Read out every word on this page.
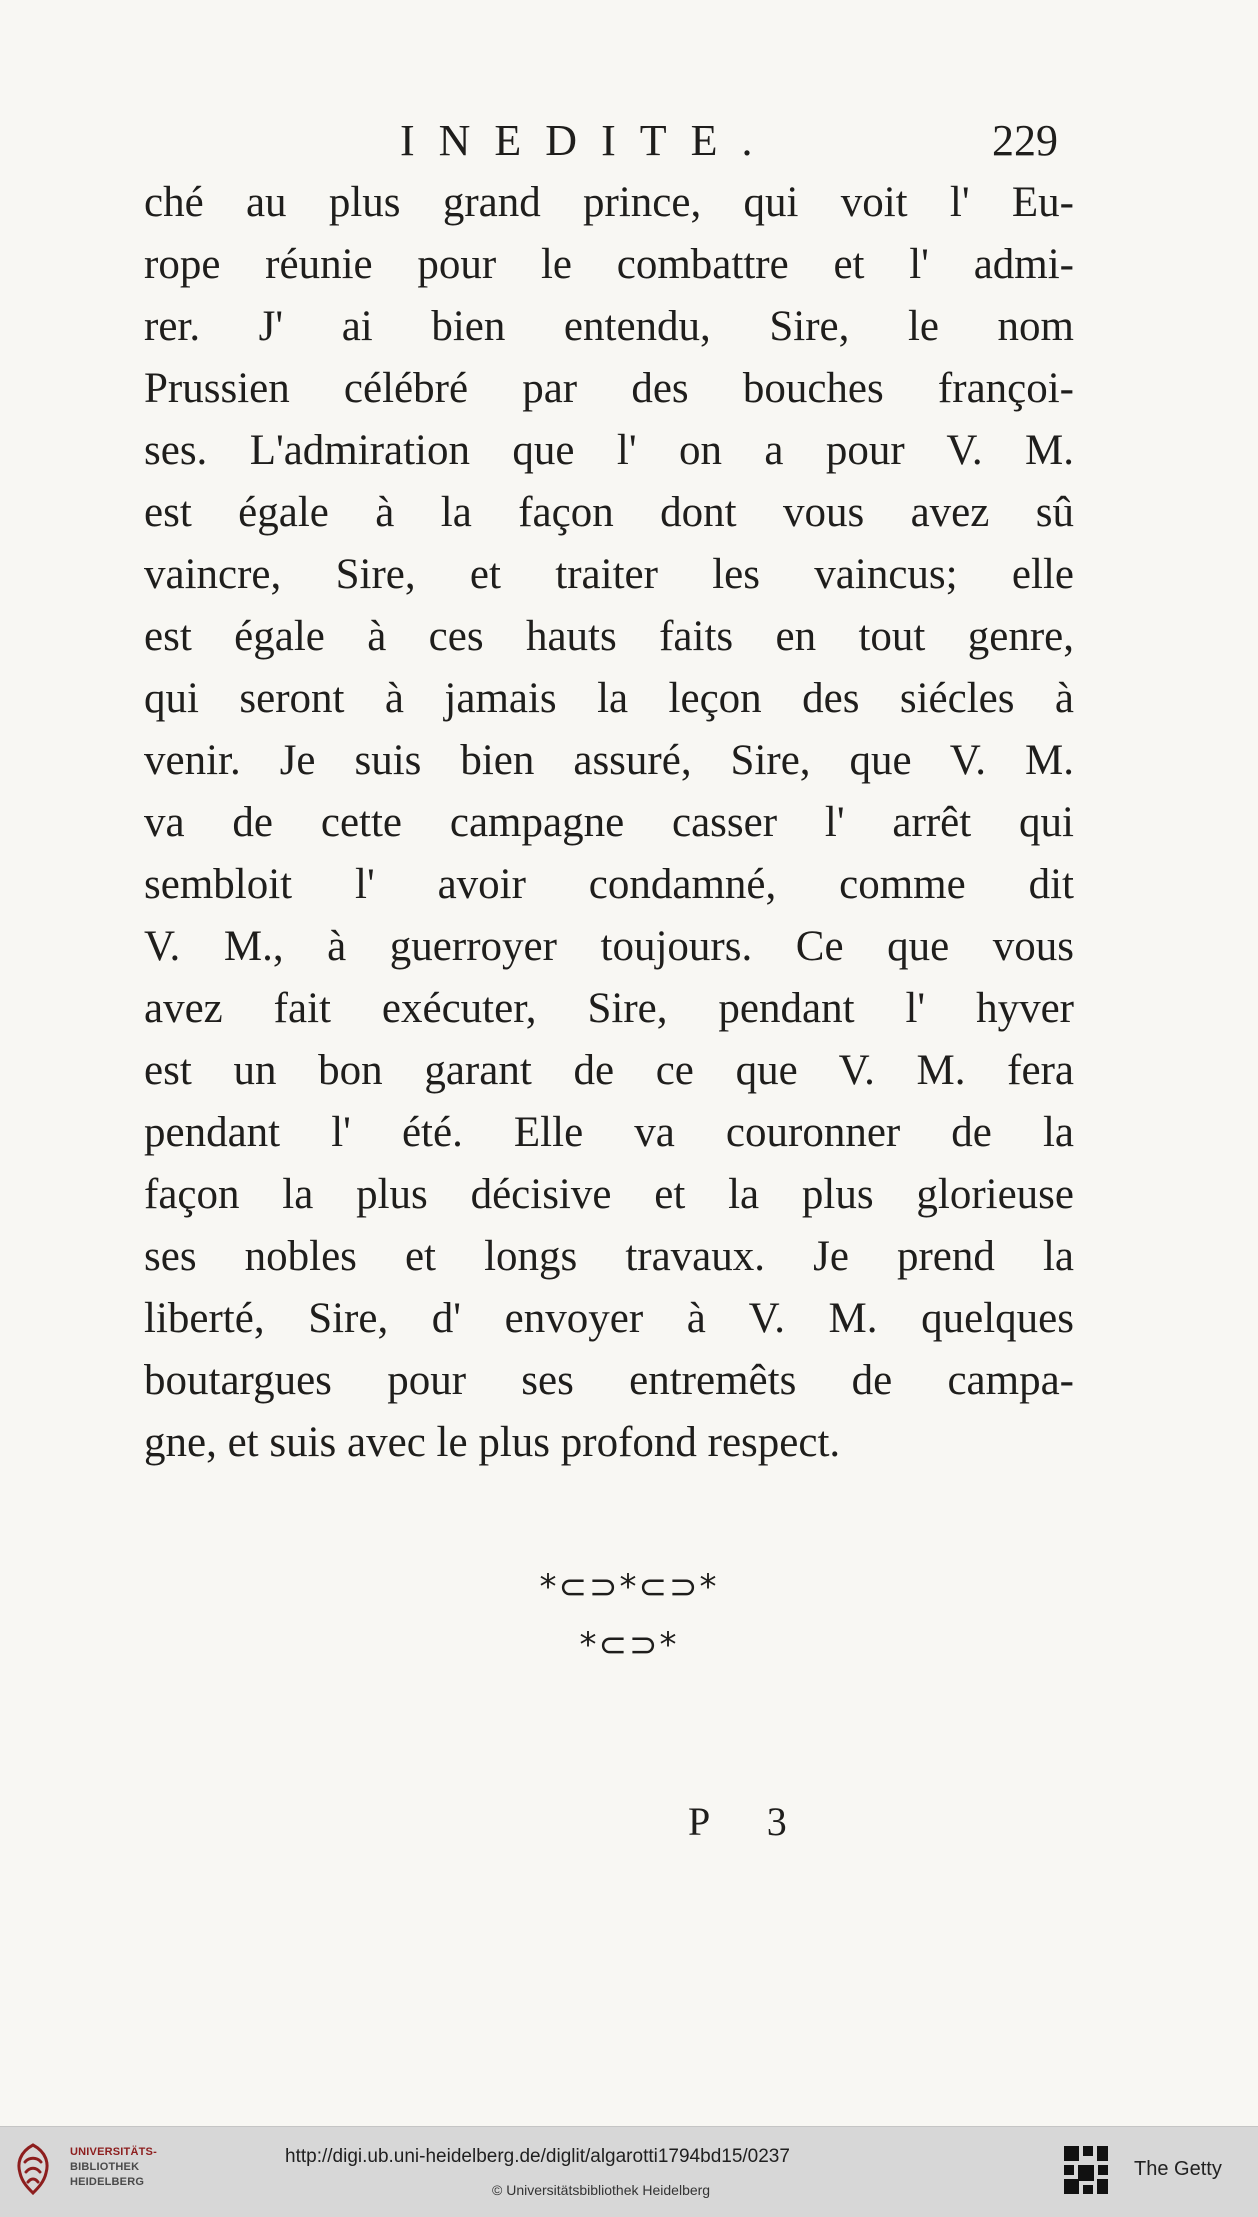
INEDITE.	229
ché au plus grand prince, qui voit l' Eu-
rope réunie pour le combattre et l' admi-
rer. J' ai bien entendu, Sire, le nom
Prussien célébré par des bouches françoi-
ses. L'admiration que l' on a pour V. M.
est égale à la façon dont vous avez sû
vaincre, Sire, et traiter les vaincus; elle
est égale à ces hauts faits en tout genre,
qui seront à jamais la leçon des siécles à
venir. Je suis bien assuré, Sire, que V. M.
va de cette campagne casser l' arrêt qui
sembloit l' avoir condamné, comme dit
V. M., à guerroyer toujours. Ce que vous
avez fait exécuter, Sire, pendant l' hyver
est un bon garant de ce que V. M. fera
pendant l' été. Elle va couronner de la
façon la plus décisive et la plus glorieuse
ses nobles et longs travaux. Je prend la
liberté, Sire, d' envoyer à V. M. quelques
boutargues pour ses entremêts de campa-
gne, et suis avec le plus profond respect.
*⊂⊃*⊂⊃*
*⊂⊃*
P 3
UNIVERSITÄTS-
BIBLIOTHEK
HEIDELBERG
http://digi.ub.uni-heidelberg.de/diglit/algarotti1794bd15/0237
© Universitätsbibliothek Heidelberg
The Getty
